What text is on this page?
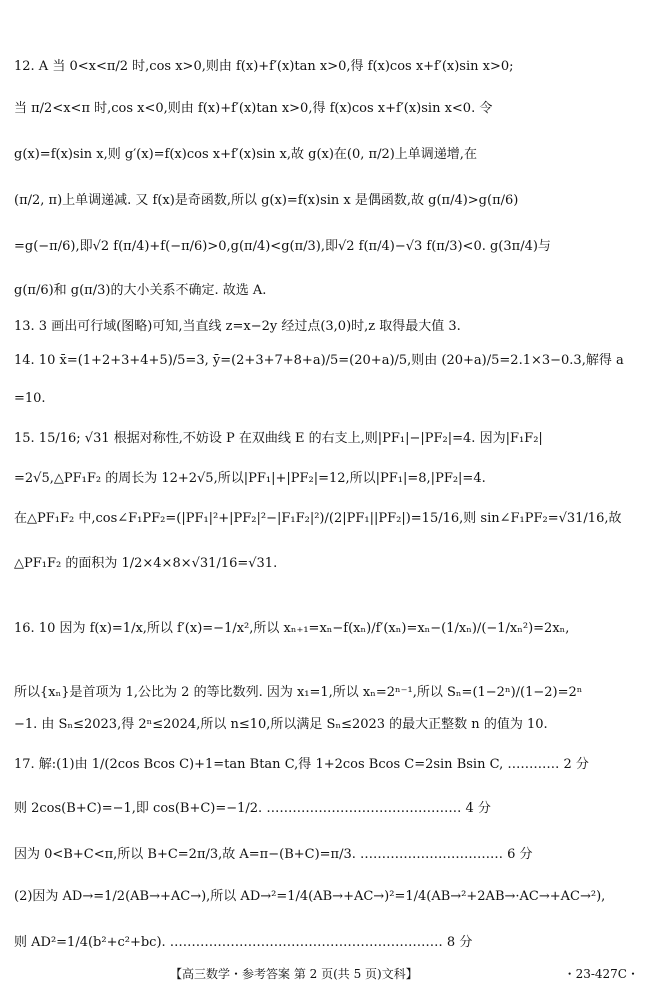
12. A 当 0<x<π/2 时,cos x>0,则由 f(x)+f′(x)tan x>0,得 f(x)cos x+f′(x)sin x>0;
当 π/2<x<π 时,cos x<0,则由 f(x)+f′(x)tan x>0,得 f(x)cos x+f′(x)sin x<0. 令
g(x)=f(x)sin x,则 g′(x)=f(x)cos x+f′(x)sin x,故 g(x)在(0, π/2)上单调递增,在
(π/2, π)上单调递减. 又 f(x)是奇函数,所以 g(x)=f(x)sin x 是偶函数,故 g(π/4)>g(π/6)
=g(−π/6),即√2 f(π/4)+f(−π/6)>0,g(π/4)<g(π/3),即√2 f(π/4)−√3 f(π/3)<0. g(3π/4)与
g(π/6)和 g(π/3)的大小关系不确定. 故选 A.
13. 3 画出可行域(图略)可知,当直线 z=x−2y 经过点(3,0)时,z 取得最大值 3.
14. 10 x̄=(1+2+3+4+5)/5=3, ȳ=(2+3+7+8+a)/5=(20+a)/5,则由 (20+a)/5=2.1×3−0.3,解得 a
=10.
15. 15/16; √31 根据对称性,不妨设 P 在双曲线 E 的右支上,则|PF₁|−|PF₂|=4. 因为|F₁F₂|
=2√5,△PF₁F₂ 的周长为 12+2√5,所以|PF₁|+|PF₂|=12,所以|PF₁|=8,|PF₂|=4.
在△PF₁F₂ 中,cos∠F₁PF₂=(|PF₁|²+|PF₂|²−|F₁F₂|²)/(2|PF₁||PF₂|)=15/16,则 sin∠F₁PF₂=√31/16,故
△PF₁F₂ 的面积为 1/2×4×8×√31/16=√31.
16. 10 因为 f(x)=1/x,所以 f′(x)=−1/x²,所以 xₙ₊₁=xₙ−f(xₙ)/f′(xₙ)=xₙ−(1/xₙ)/(−1/xₙ²)=2xₙ,
所以{xₙ}是首项为 1,公比为 2 的等比数列. 因为 x₁=1,所以 xₙ=2ⁿ⁻¹,所以 Sₙ=(1−2ⁿ)/(1−2)=2ⁿ
−1. 由 Sₙ≤2023,得 2ⁿ≤2024,所以 n≤10,所以满足 Sₙ≤2023 的最大正整数 n 的值为 10.
17. 解:(1)由 1/(2cos Bcos C)+1=tan Btan C,得 1+2cos Bcos C=2sin Bsin C, ………… 2 分
则 2cos(B+C)=−1,即 cos(B+C)=−1/2. ……………………………………… 4 分
因为 0<B+C<π,所以 B+C=2π/3,故 A=π−(B+C)=π/3. …………………………… 6 分
(2)因为 AD→=1/2(AB→+AC→),所以 AD→²=1/4(AB→+AC→)²=1/4(AB→²+2AB→·AC→+AC→²),
则 AD²=1/4(b²+c²+bc). ……………………………………………………… 8 分
【高三数学・参考答案 第 2 页(共 5 页)文科】	・23-427C・
